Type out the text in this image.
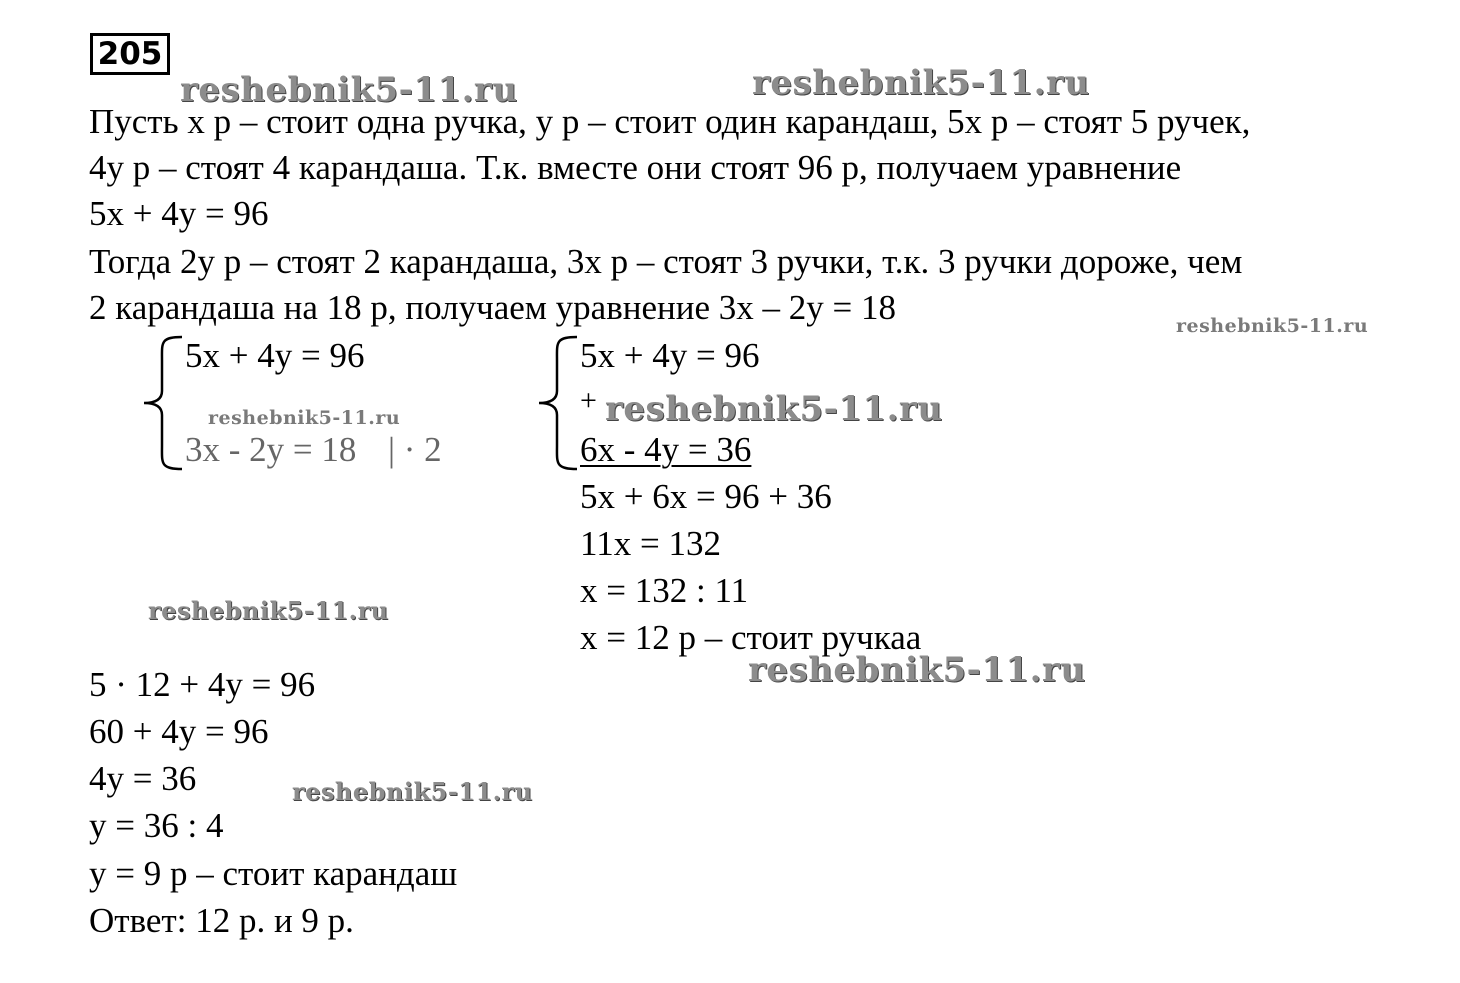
205
reshebnik5-11.ru	reshebnik5-11.ru
reshebnik5-11.ru
reshebnik5-11.ru	reshebnik5-11.ru
reshebnik5-11.ru
reshebnik5-11.ru
reshebnik5-11.ru
Пусть х р – стоит одна ручка, у р – стоит один карандаш, 5х р – стоят 5 ручек,
4у р – стоят 4 карандаша. Т.к. вместе они стоят 96 р, получаем уравнение
5х + 4у = 96
Тогда 2у р – стоят 2 карандаша, 3х р – стоят 3 ручки, т.к. 3 ручки дороже, чем
2 карандаша на 18 р, получаем уравнение 3х – 2у = 18
5х + 4у = 96
3х - 2у = 18 | · 2
5х + 4у = 96
+
6х - 4у = 36
5х + 6х = 96 + 36
11х = 132
х = 132 : 11
х = 12 р – стоит ручкаа
5 · 12 + 4у = 96
60 + 4у = 96
4у = 36
у = 36 : 4
у = 9 р – стоит карандаш
Ответ: 12 р. и 9 р.
